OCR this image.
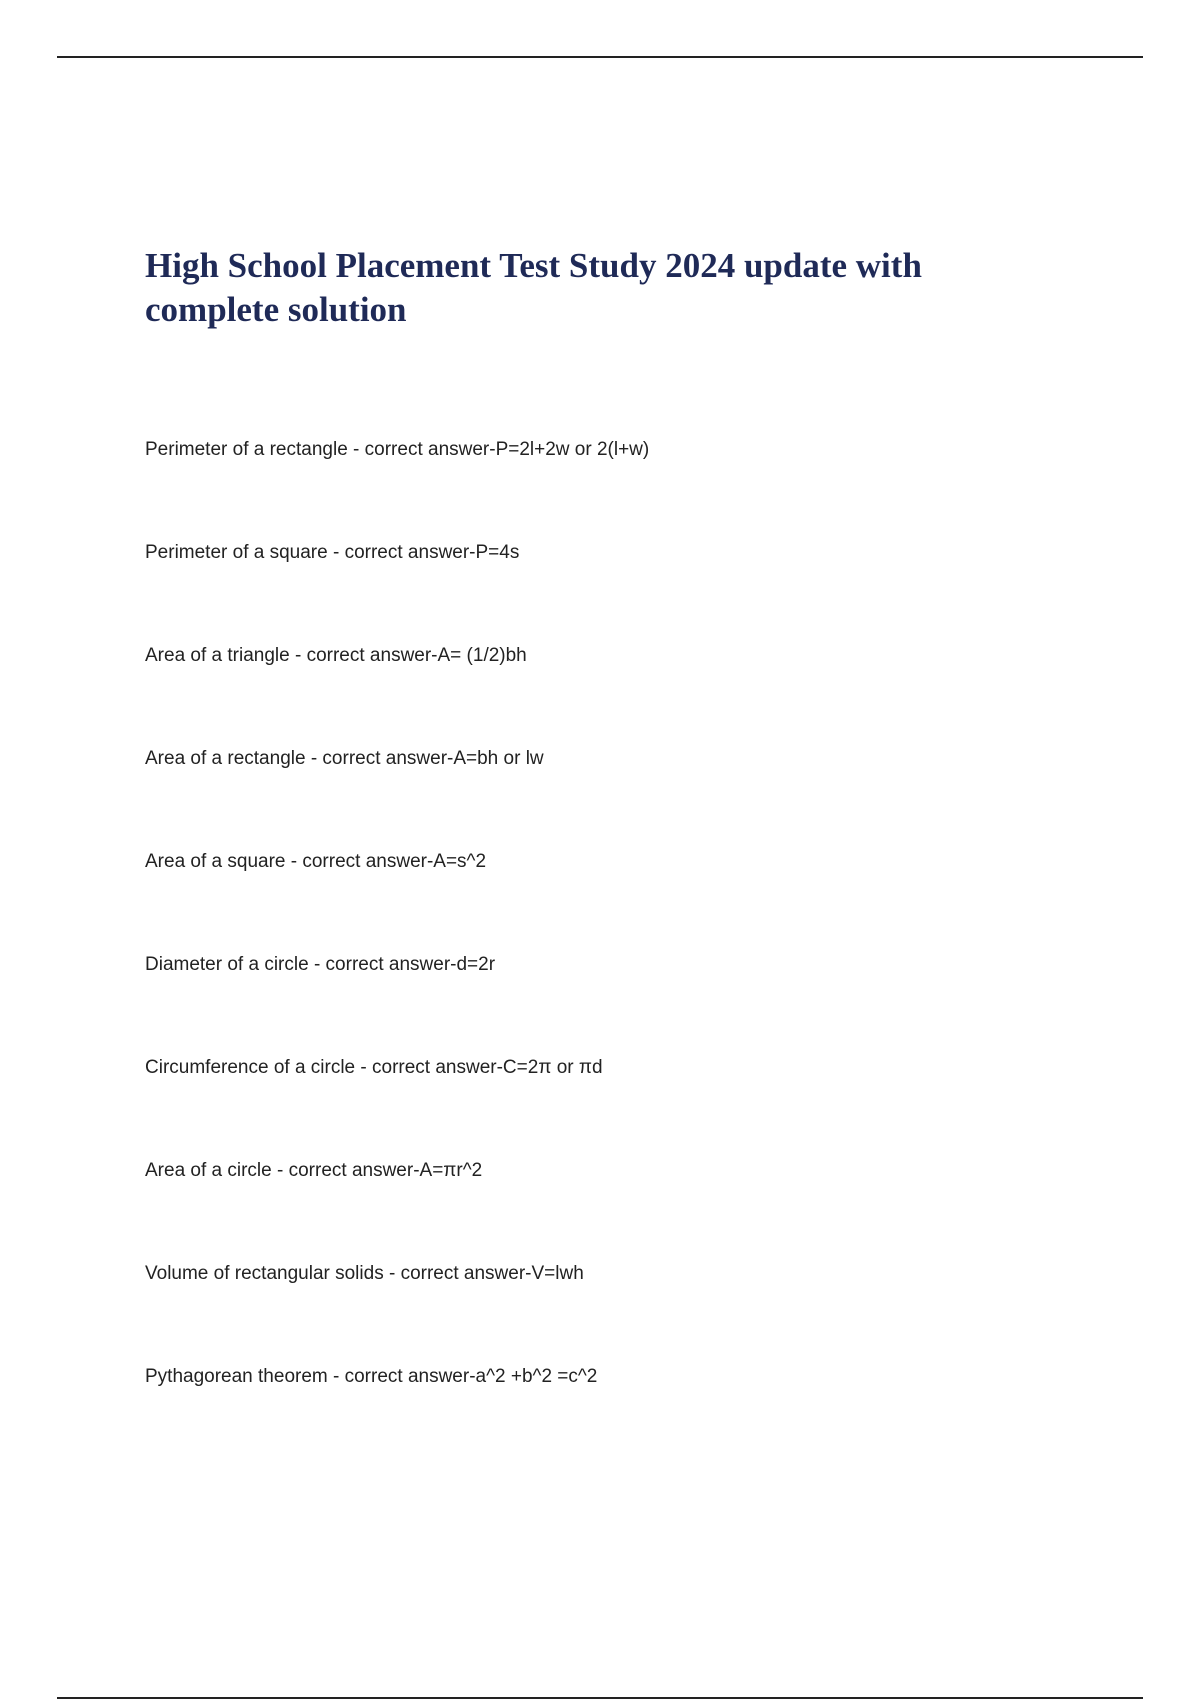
High School Placement Test Study 2024 update with complete solution
Perimeter of a rectangle - correct answer-P=2l+2w or 2(l+w)
Perimeter of a square - correct answer-P=4s
Area of a triangle - correct answer-A= (1/2)bh
Area of a rectangle - correct answer-A=bh or lw
Area of a square - correct answer-A=s^2
Diameter of a circle - correct answer-d=2r
Circumference of a circle - correct answer-C=2π or πd
Area of a circle - correct answer-A=πr^2
Volume of rectangular solids - correct answer-V=lwh
Pythagorean theorem - correct answer-a^2 +b^2 =c^2
